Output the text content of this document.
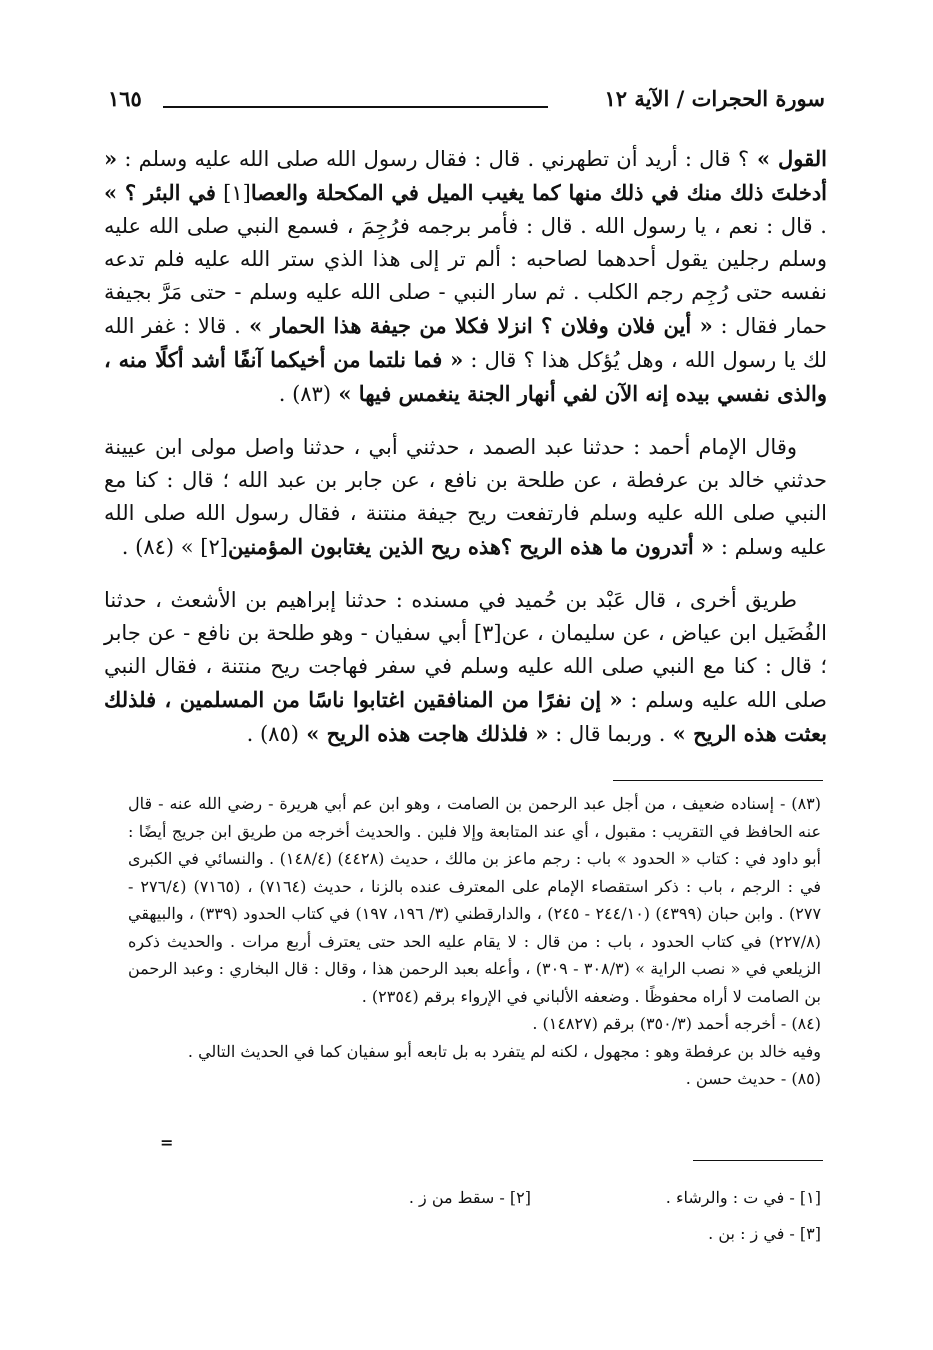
سورة الحجرات / الآية ١٢
١٦٥

القول » ؟ قال : أريد أن تطهرني . قال : فقال رسول الله صلى الله عليه وسلم : « أدخلتَ ذلك منك في ذلك منها كما يغيب الميل في المكحلة والعصا[١] في البئر ؟ » . قال : نعم ، يا رسول الله . قال : فأمر برجمه فرُجِمَ ، فسمع النبي صلى الله عليه وسلم رجلين يقول أحدهما لصاحبه : ألم تر إلى هذا الذي ستر الله عليه فلم تدعه نفسه حتى رُجِم رجم الكلب . ثم سار النبي - صلى الله عليه وسلم - حتى مَرَّ بجيفة حمار فقال : « أين فلان وفلان ؟ انزلا فكلا من جيفة هذا الحمار » . قالا : غفر الله لك يا رسول الله ، وهل يُؤكل هذا ؟ قال : « فما نلتما من أخيكما آنفًا أشد أكلًا منه ، والذى نفسي بيده إنه الآن لفي أنهار الجنة ينغمس فيها » (٨٣) .

وقال الإمام أحمد : حدثنا عبد الصمد ، حدثني أبي ، حدثنا واصل مولى ابن عيينة حدثني خالد بن عرفطة ، عن طلحة بن نافع ، عن جابر بن عبد الله ؛ قال : كنا مع النبي صلى الله عليه وسلم فارتفعت ريح جيفة منتنة ، فقال رسول الله صلى الله عليه وسلم : « أتدرون ما هذه الريح ؟هذه ريح الذين يغتابون المؤمنين[٢] » (٨٤) .

طريق أخرى ، قال عَبْد بن حُميد في مسنده : حدثنا إبراهيم بن الأشعث ، حدثنا الفُضَيل ابن عياض ، عن سليمان ، عن[٣] أبي سفيان - وهو طلحة بن نافع - عن جابر ؛ قال : كنا مع النبي صلى الله عليه وسلم في سفر فهاجت ريح منتنة ، فقال النبي صلى الله عليه وسلم : « إن نفرًا من المنافقين اغتابوا ناسًا من المسلمين ، فلذلك بعثت هذه الريح » . وربما قال : « فلذلك هاجت هذه الريح » (٨٥) .

(٨٣) - إسناده ضعيف ، من أجل عبد الرحمن بن الصامت ، وهو ابن عم أبي هريرة - رضي الله عنه - قال عنه الحافظ في التقريب : مقبول ، أي عند المتابعة وإلا فلين . والحديث أخرجه من طريق ابن جريج أيضًا : أبو داود في : كتاب « الحدود » باب : رجم ماعز بن مالك ، حديث (٤٤٢٨) (١٤٨/٤) . والنسائي في الكبرى في : الرجم ، باب : ذكر استقصاء الإمام على المعترف عنده بالزنا ، حديث (٧١٦٤) ، (٧١٦٥) (٢٧٦/٤ - ٢٧٧) . وابن حبان (٤٣٩٩) (٢٤٤/١٠ - ٢٤٥) ، والدارقطني (٣/ ١٩٦، ١٩٧) في كتاب الحدود (٣٣٩) ، والبيهقي (٢٢٧/٨) في كتاب الحدود ، باب : من قال : لا يقام عليه الحد حتى يعترف أربع مرات . والحديث ذكره الزيلعي في « نصب الراية » (٣٠٨/٣ - ٣٠٩) ، وأعله بعبد الرحمن هذا ، وقال : قال البخاري : وعبد الرحمن بن الصامت لا أراه محفوظًا . وضعفه الألباني في الإرواء برقم (٢٣٥٤) .

(٨٤) - أخرجه أحمد (٣٥٠/٣) برقم (١٤٨٢٧) .

وفيه خالد بن عرفطة وهو : مجهول ، لكنه لم يتفرد به بل تابعه أبو سفيان كما في الحديث التالي .

(٨٥) - حديث حسن .

=
[١] - في ت : والرشاء .
[٢] - سقط من ز .
[٣] - في ز : بن .
